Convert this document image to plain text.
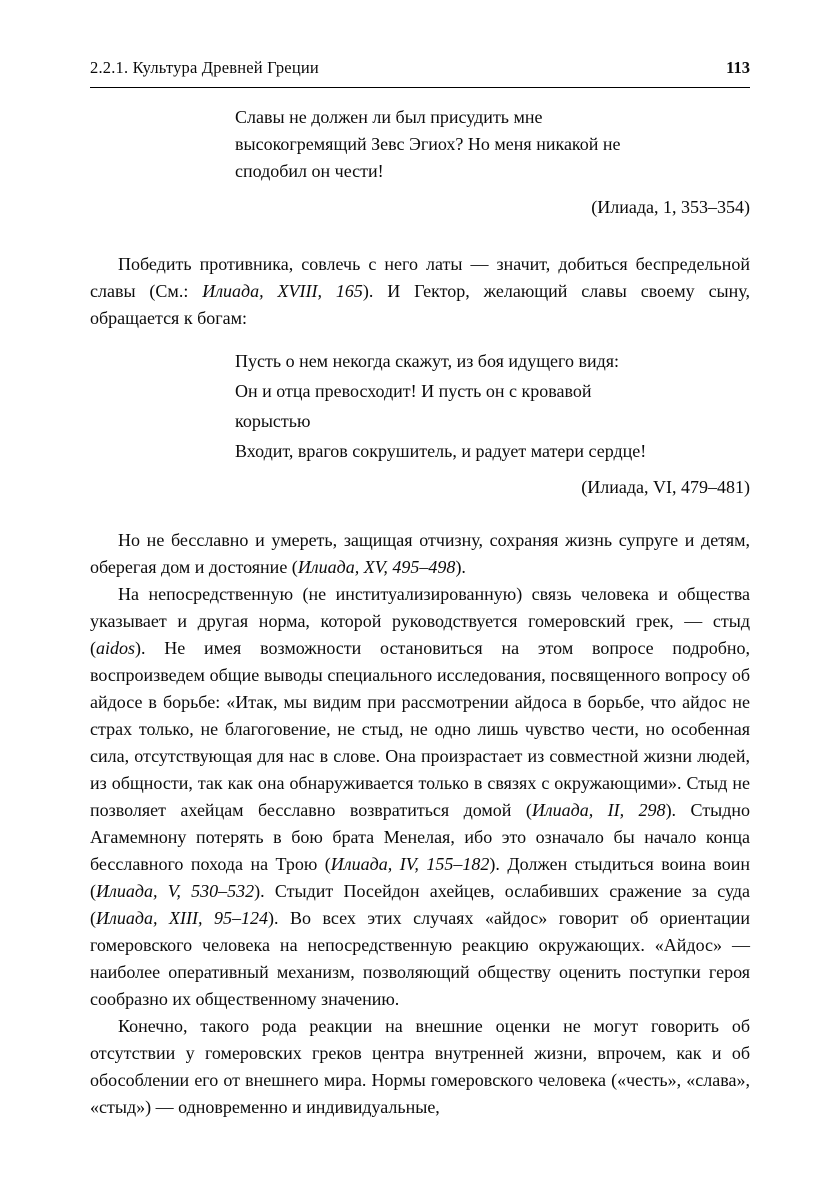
2.2.1. Культура Древней Греции	113
Славы не должен ли был присудить мне
высокогремящий Зевс Эгиох? Но меня никакой не
сподобил он чести!
(Илиада, 1, 353–354)

Победить противника, совлечь с него латы — значит, добиться беспредельной славы (См.: Илиада, XVIII, 165). И Гектор, желающий славы своему сыну, обращается к богам:

Пусть о нем некогда скажут, из боя идущего видя:
Он и отца превосходит! И пусть он с кровавой
корыстью
Входит, врагов сокрушитель, и радует матери сердце!
(Илиада, VI, 479–481)

Но не бесславно и умереть, защищая отчизну, сохраняя жизнь супруге и детям, оберегая дом и достояние (Илиада, XV, 495–498).

На непосредственную (не институализированную) связь человека и общества указывает и другая норма, которой руководствуется гомеровский грек, — стыд (aidos). Не имея возможности остановиться на этом вопросе подробно, воспроизведем общие выводы специального исследования, посвященного вопросу об айдосе в борьбе: «Итак, мы видим при рассмотрении айдоса в борьбе, что айдос не страх только, не благоговение, не стыд, не одно лишь чувство чести, но особенная сила, отсутствующая для нас в слове. Она произрастает из совместной жизни людей, из общности, так как она обнаруживается только в связях с окружающими». Стыд не позволяет ахейцам бесславно возвратиться домой (Илиада, II, 298). Стыдно Агамемнону потерять в бою брата Менелая, ибо это означало бы начало конца бесславного похода на Трою (Илиада, IV, 155–182). Должен стыдиться воина воин (Илиада, V, 530–532). Стыдит Посейдон ахейцев, ослабивших сражение за суда (Илиада, XIII, 95–124). Во всех этих случаях «айдос» говорит об ориентации гомеровского человека на непосредственную реакцию окружающих. «Айдос» — наиболее оперативный механизм, позволяющий обществу оценить поступки героя сообразно их общественному значению.

Конечно, такого рода реакции на внешние оценки не могут говорить об отсутствии у гомеровских греков центра внутренней жизни, впрочем, как и об обособлении его от внешнего мира. Нормы гомеровского человека («честь», «слава», «стыд») — одновременно и индивидуальные,
